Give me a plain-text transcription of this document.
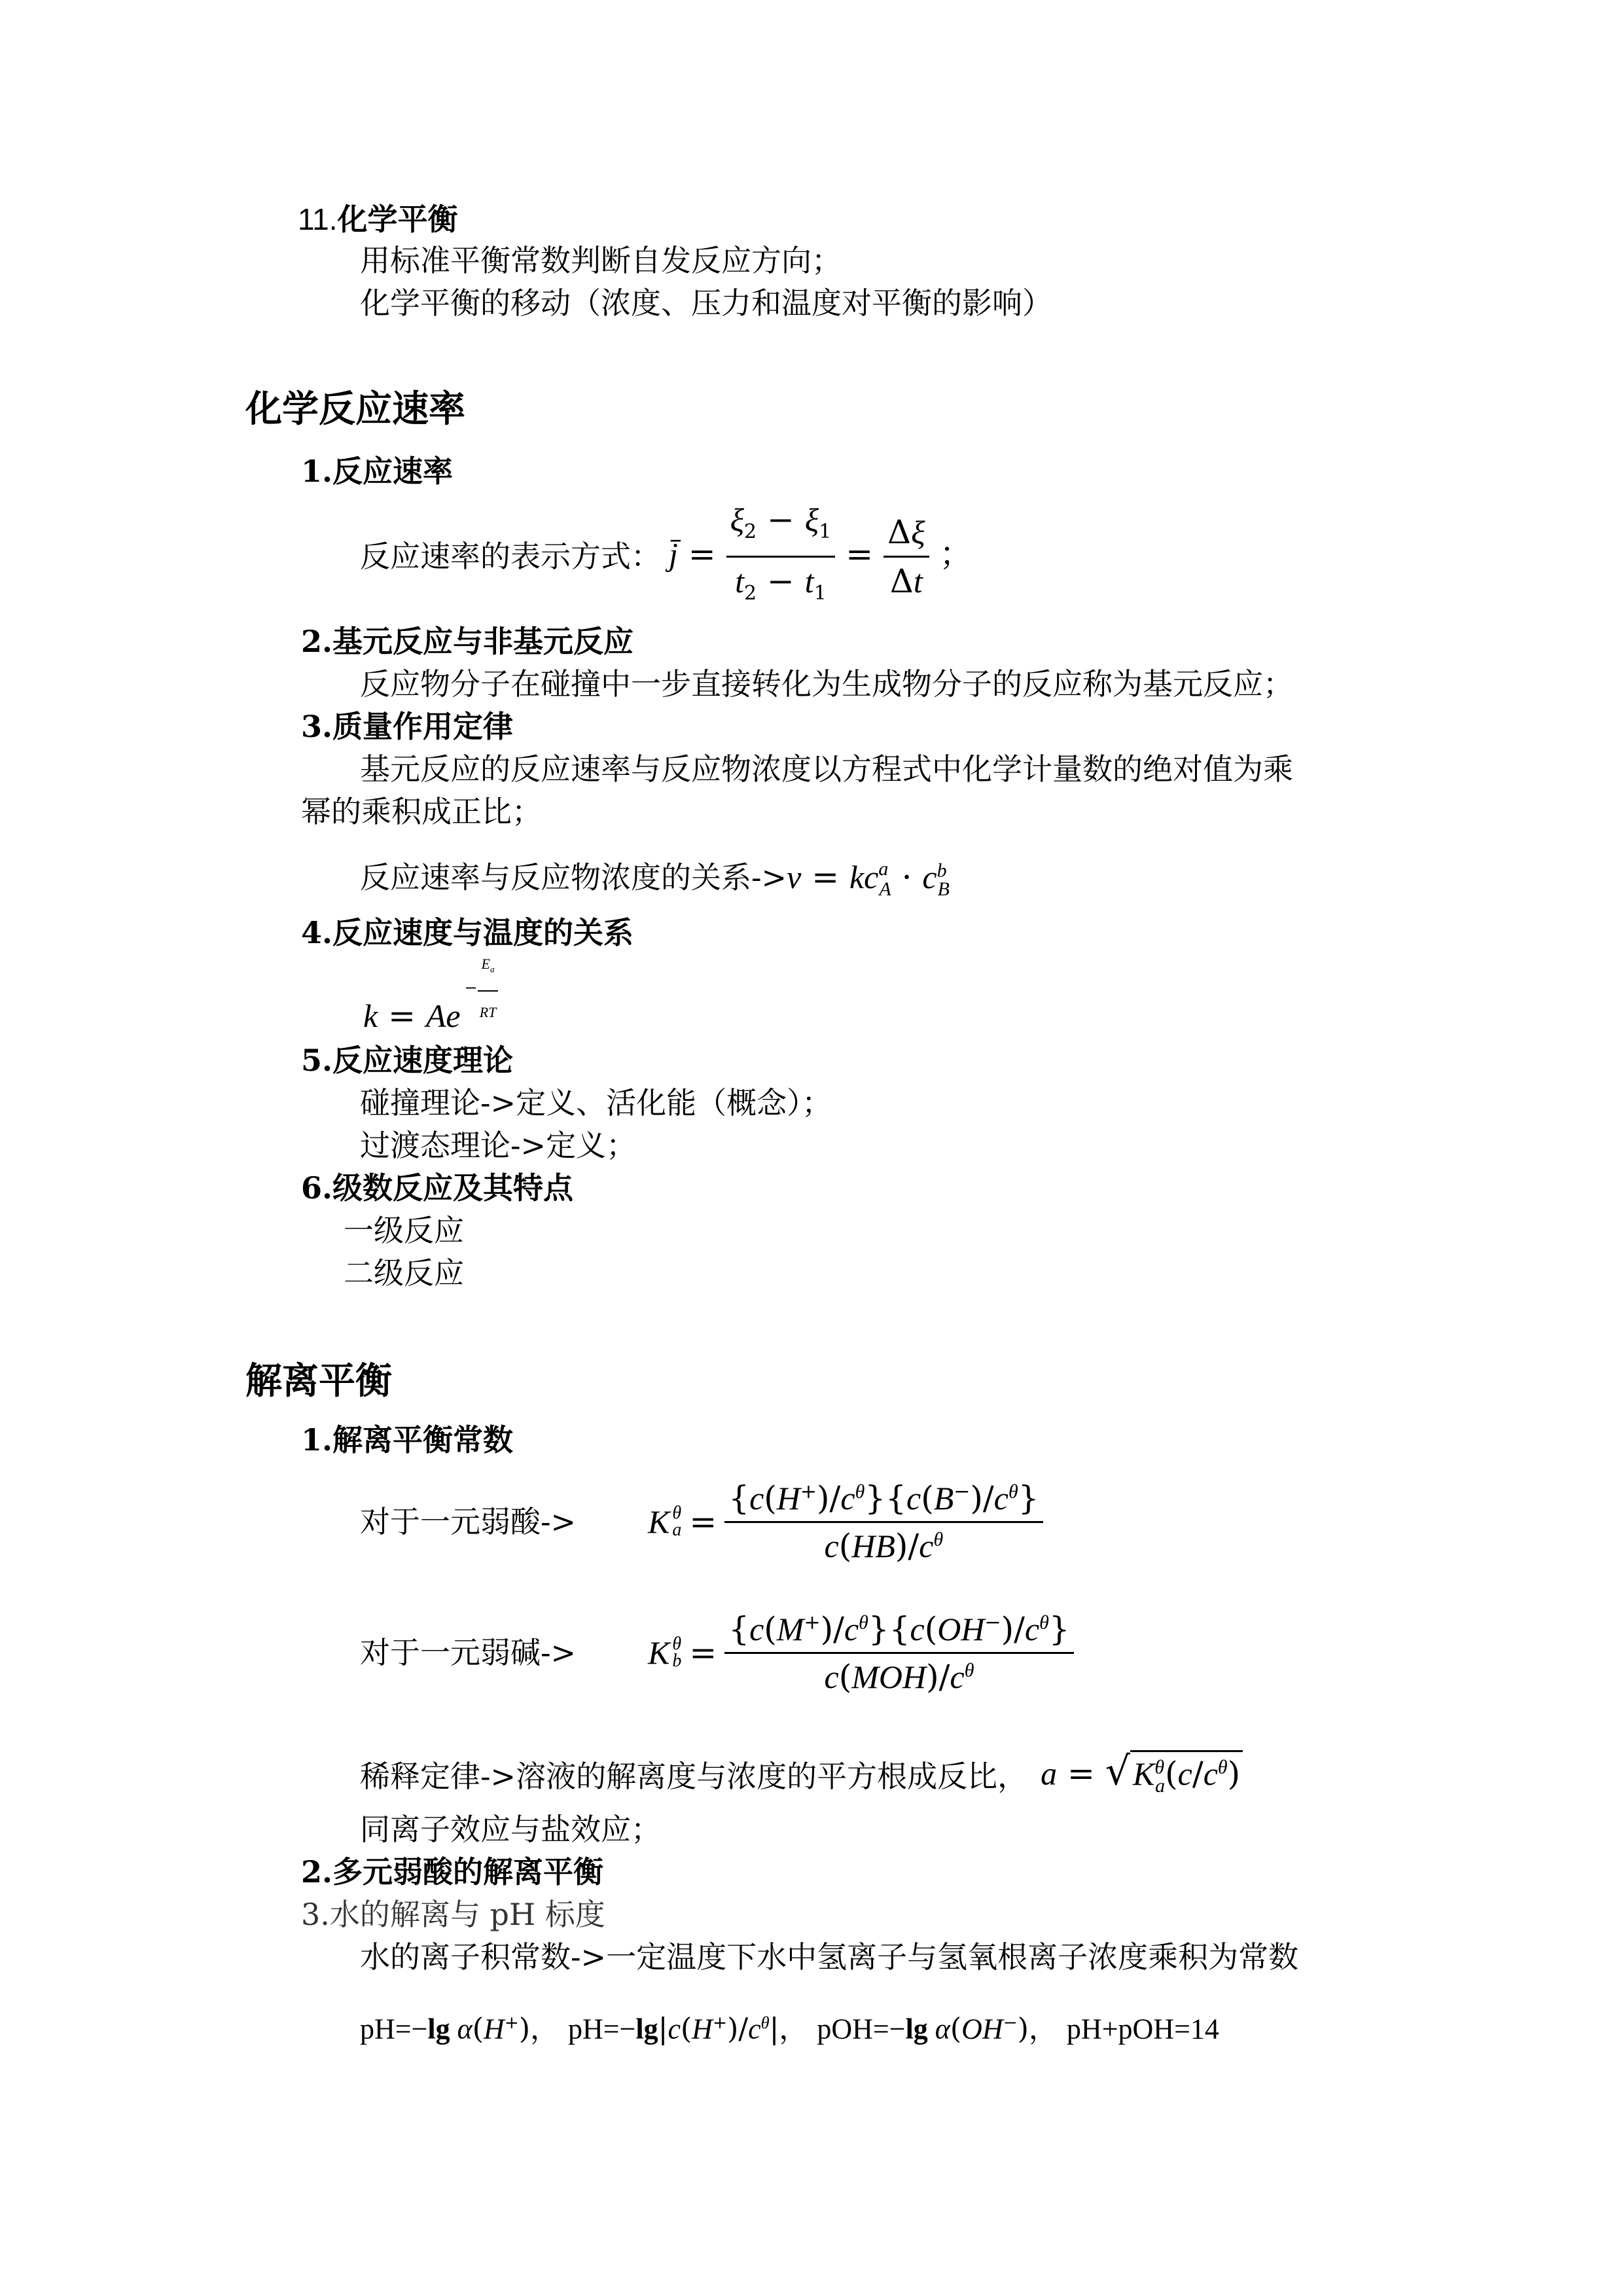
11.化学平衡
用标准平衡常数判断自发反应方向；
化学平衡的移动（浓度、压力和温度对平衡的影响）
化学反应速率
1.反应速率
反应速率的表示方式： j̄ = $\frac{\xi_2 - \xi_1}{t_2 - t_1} = \frac{\Delta\xi}{\Delta t}$ ；
2.基元反应与非基元反应
反应物分子在碰撞中一步直接转化为生成物分子的反应称为基元反应；
3.质量作用定律
基元反应的反应速率与反应物浓度以方程式中化学计量数的绝对值为乘
幂的乘积成正比；
反应速率与反应物浓度的关系$->v = kc^a_A \cdot c^b_B$
4.反应速度与温度的关系
$k = Ae- \frac{E_a}{RT}$
5.反应速度理论
碰撞理论->定义、活化能（概念）；
过渡态理论->定义；
6.级数反应及其特点
一级反应
二级反应
解离平衡
1.解离平衡常数
对于一元弱酸-> K θ
$a = \frac{\{c(H^+)/c^\theta\}\{c(B^-)/c^\theta\}}{c(HB)/c^\theta}$
对于一元弱碱-> K θ
$b = \frac{\{c(M^+)/c^\theta\}\{c(OH^-)/c^\theta\}}{c(MOH)/c^\theta}$
稀释定律->溶液的解离度与浓度的平方根成反比， $a = √K^\theta_a(c/c^\theta)$
同离子效应与盐效应；
2.多元弱酸的解离平衡
3.水的解离与 pH 标度
水的离子积常数->一定温度下水中氢离子与氢氧根离子浓度乘积为常数
pH=−lg α(H+)， $pH=-\lg|c(H^+)/c^\theta|$， pOH=−lg α(OH−)， pH+pOH=14
